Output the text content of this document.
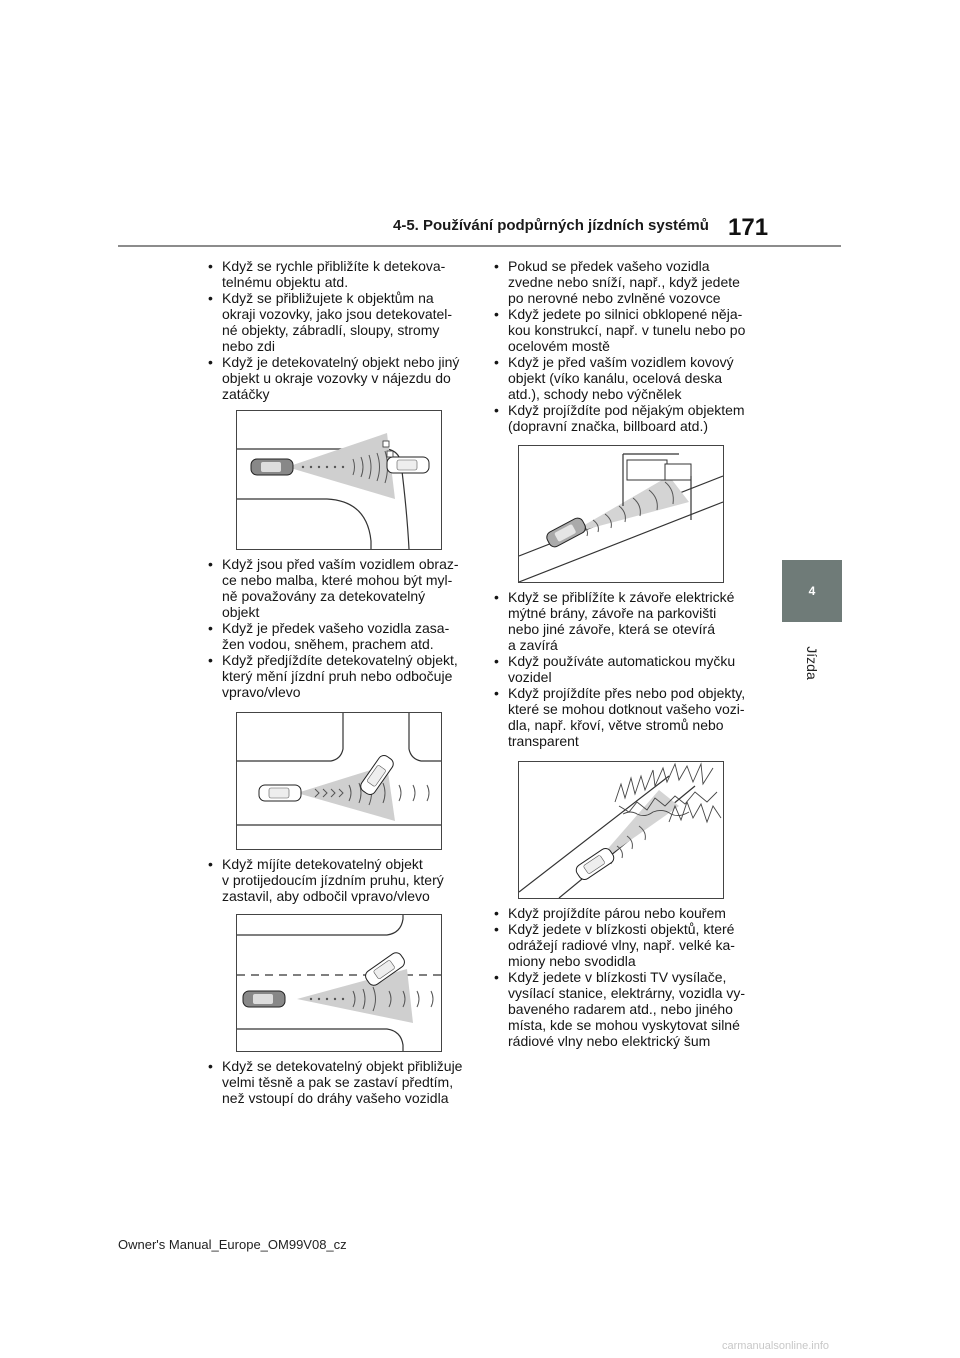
4-5. Používání podpůrných jízdních systémů 171
4
Jízda
• Když se rychle přibližíte k detekova-
telnému objektu atd.
• Když se přibližujete k objektům na
okraji vozovky, jako jsou detekovatel-
né objekty, zábradlí, sloupy, stromy
nebo zdi
• Když je detekovatelný objekt nebo jiný
objekt u okraje vozovky v nájezdu do
zatáčky
• Když jsou před vaším vozidlem obraz-
ce nebo malba, které mohou být myl-
ně považovány za detekovatelný
objekt
• Když je předek vašeho vozidla zasa-
žen vodou, sněhem, prachem atd.
• Když předjíždíte detekovatelný objekt,
který mění jízdní pruh nebo odbočuje
vpravo/vlevo
• Když míjíte detekovatelný objekt
v protijedoucím jízdním pruhu, který
zastavil, aby odbočil vpravo/vlevo
• Když se detekovatelný objekt přibližuje
velmi těsně a pak se zastaví předtím,
než vstoupí do dráhy vašeho vozidla
• Pokud se předek vašeho vozidla
zvedne nebo sníží, např., když jedete
po nerovné nebo zvlněné vozovce
• Když jedete po silnici obklopené něja-
kou konstrukcí, např. v tunelu nebo po
ocelovém mostě
• Když je před vaším vozidlem kovový
objekt (víko kanálu, ocelová deska
atd.), schody nebo výčnělek
• Když projíždíte pod nějakým objektem
(dopravní značka, billboard atd.)
• Když se přiblížíte k závoře elektrické
mýtné brány, závoře na parkovišti
nebo jiné závoře, která se otevírá
a zavírá
• Když používáte automatickou myčku
vozidel
• Když projíždíte přes nebo pod objekty,
které se mohou dotknout vašeho vozi-
dla, např. křoví, větve stromů nebo
transparent
• Když projíždíte párou nebo kouřem
• Když jedete v blízkosti objektů, které
odrážejí radiové vlny, např. velké ka-
miony nebo svodidla
• Když jedete v blízkosti TV vysílače,
vysílací stanice, elektrárny, vozidla vy-
baveného radarem atd., nebo jiného
místa, kde se mohou vyskytovat silné
rádiové vlny nebo elektrický šum
Owner's Manual_Europe_OM99V08_cz
carmanualsonline.info
